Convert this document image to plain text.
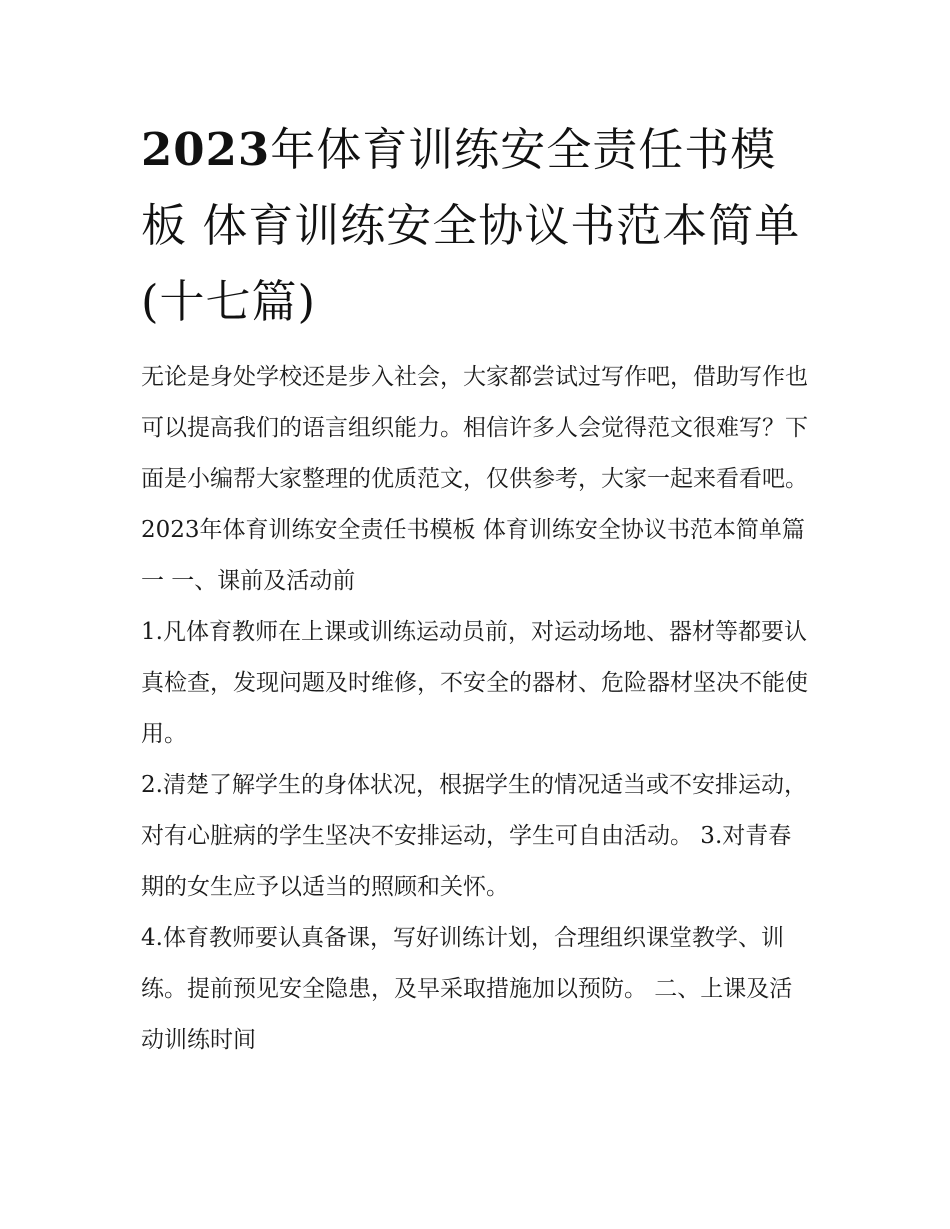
2023年体育训练安全责任书模板 体育训练安全协议书范本简单(十七篇)

无论是身处学校还是步入社会，大家都尝试过写作吧，借助写作也可以提高我们的语言组织能力。相信许多人会觉得范文很难写？下面是小编帮大家整理的优质范文，仅供参考，大家一起来看看吧。

2023年体育训练安全责任书模板 体育训练安全协议书范本简单篇一 一、课前及活动前

1.凡体育教师在上课或训练运动员前，对运动场地、器材等都要认真检查，发现问题及时维修，不安全的器材、危险器材坚决不能使用。

2.清楚了解学生的身体状况，根据学生的情况适当或不安排运动，对有心脏病的学生坚决不安排运动，学生可自由活动。 3.对青春期的女生应予以适当的照顾和关怀。

4.体育教师要认真备课，写好训练计划，合理组织课堂教学、训练。提前预见安全隐患，及早采取措施加以预防。 二、上课及活动训练时间
